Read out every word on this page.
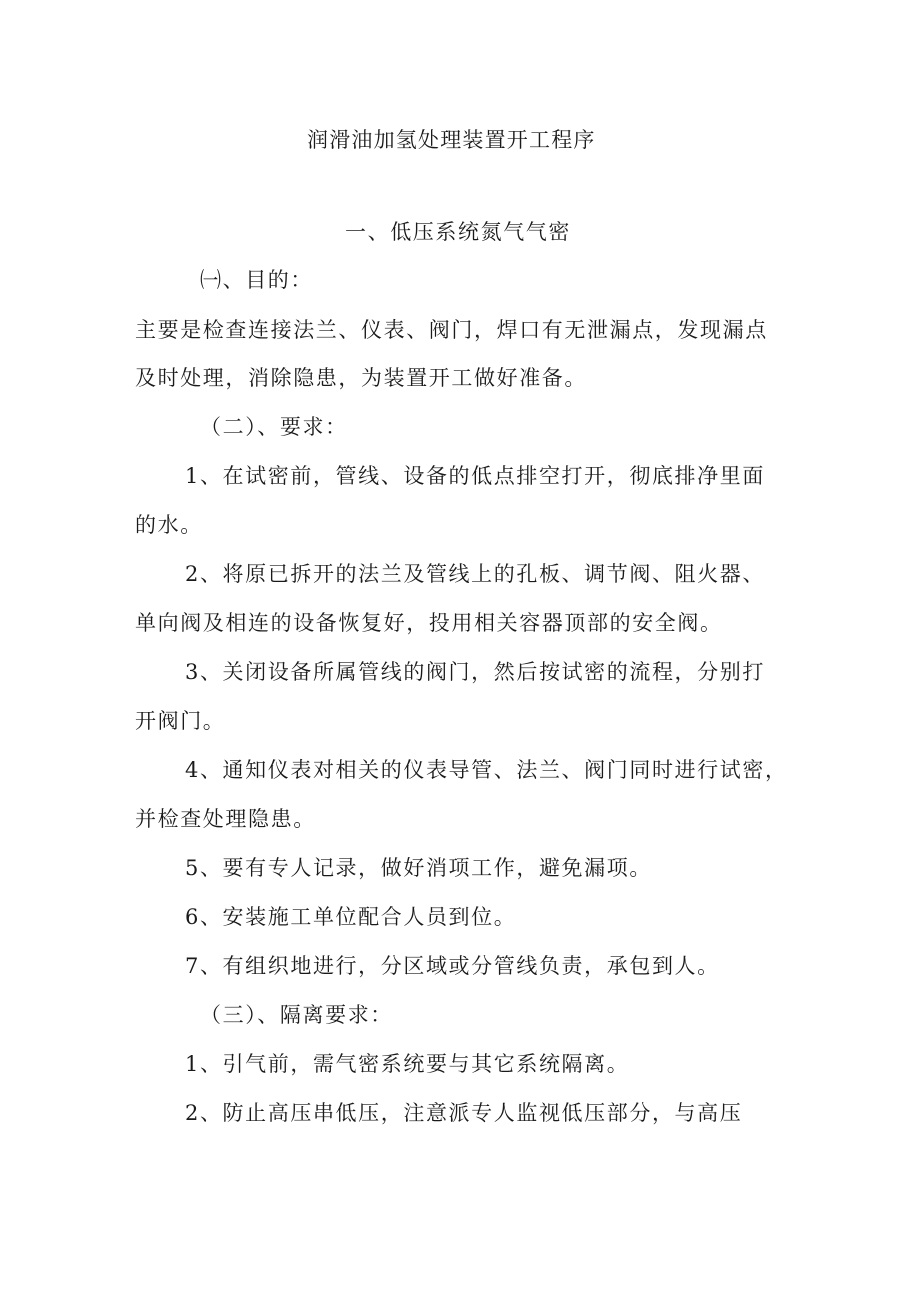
润滑油加氢处理装置开工程序
一、低压系统氮气气密
㈠、目的：
主要是检查连接法兰、仪表、阀门，焊口有无泄漏点，发现漏点
及时处理，消除隐患，为装置开工做好准备。
（二）、要求：
1、在试密前，管线、设备的低点排空打开，彻底排净里面
的水。
2、将原已拆开的法兰及管线上的孔板、调节阀、阻火器、
单向阀及相连的设备恢复好，投用相关容器顶部的安全阀。
3、关闭设备所属管线的阀门，然后按试密的流程，分别打
开阀门。
4、通知仪表对相关的仪表导管、法兰、阀门同时进行试密，
并检查处理隐患。
5、要有专人记录，做好消项工作，避免漏项。
6、安装施工单位配合人员到位。
7、有组织地进行，分区域或分管线负责，承包到人。
（三）、隔离要求：
1、引气前，需气密系统要与其它系统隔离。
2、防止高压串低压，注意派专人监视低压部分，与高压
